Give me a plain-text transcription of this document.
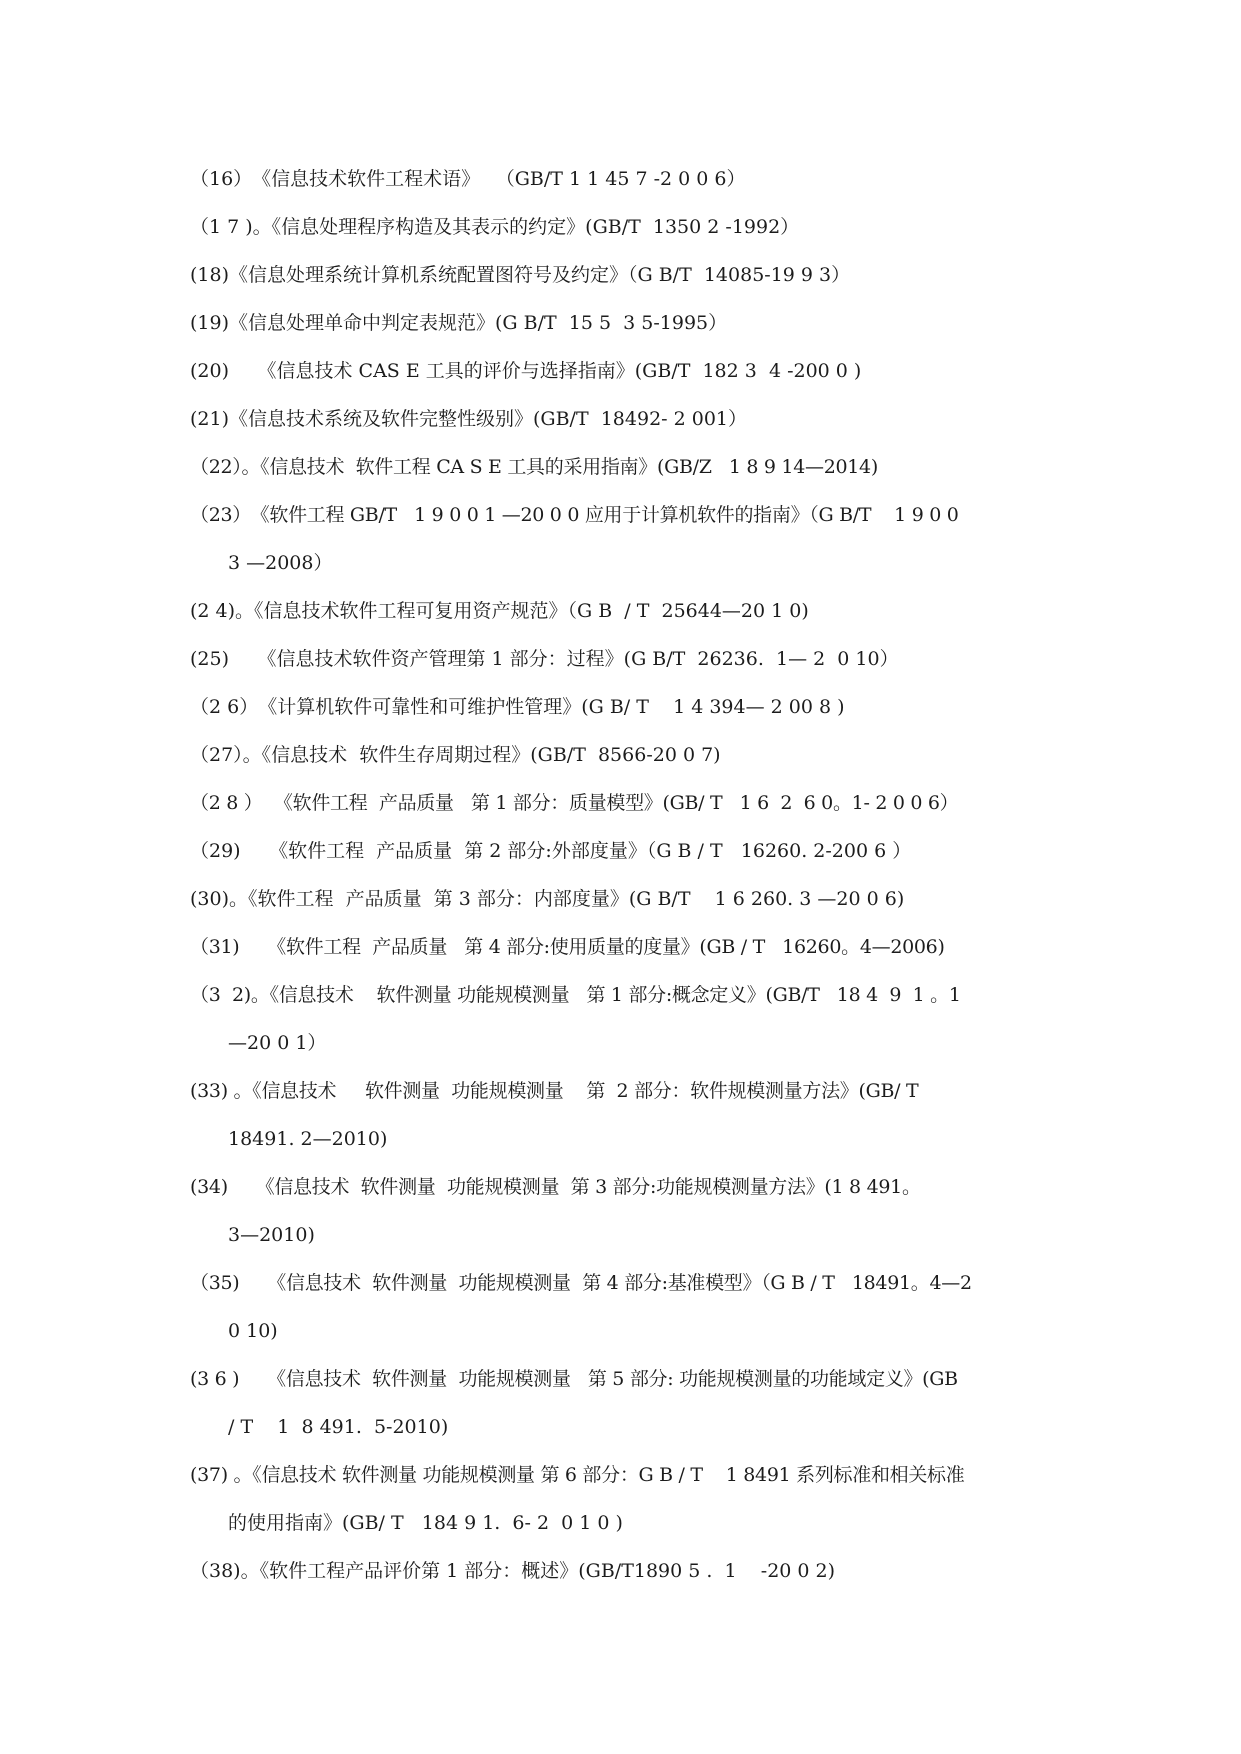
（16）　《信息技术软件工程术语》　 （GB/T 1 1 45 7 -2 0 0 6）
（1 7 )。《信息处理程序构造及其表示的约定》(GB/T  1350 2 -1992）
(18)《信息处理系统计算机系统配置图符号及约定》（G B/T  14085-19 9 3）
(19)《信息处理单命中判定表规范》(G B/T  15 5  3 5-1995）
(20)　　《信息技术 CAS E 工具的评价与选择指南》(GB/T  182 3  4 -200 0 )
(21)《信息技术系统及软件完整性级别》(GB/T  18492- 2 001）
（22）。《信息技术  软件工程 CA S E 工具的采用指南》(GB/Z   1 8 9 14—2014)
（23）　《软件工程 GB/T   1 9 0 0 1 —20 0 0 应用于计算机软件的指南》（G B/T    1 9 0 0
3 —2008）
(2 4)。《信息技术软件工程可复用资产规范》（G B  / T  25644—20 1 0)
(25)　　《信息技术软件资产管理第 1 部分：过程》(G B/T  26236.  1— 2  0 10）
（2 6）　《计算机软件可靠性和可维护性管理》(G B/ T    1 4 394— 2 00 8 )
（27）。《信息技术  软件生存周期过程》(GB/T  8566-20 0 7)
（2 8 ）  《软件工程  产品质量   第 1 部分：质量模型》(GB/ T   1 6  2  6 0。1- 2 0 0 6）
（29)　　《软件工程  产品质量  第 2 部分:外部度量》（G B / T   16260. 2-200 6 ）
(30)。《软件工程  产品质量  第 3 部分：内部度量》(G B/T    1 6 260. 3 —20 0 6)
（31)　　《软件工程  产品质量   第 4 部分:使用质量的度量》(GB / T   16260。4—2006)
（3  2)。《信息技术    软件测量 功能规模测量   第 1 部分:概念定义》(GB/T   18 4  9  1 。1
—20 0 1）
(33) 。《信息技术     软件测量  功能规模测量    第  2 部分：软件规模测量方法》(GB/ T
18491. 2—2010)
(34)　　《信息技术  软件测量  功能规模测量  第 3 部分:功能规模测量方法》(1 8 491。
3—2010)
（35)　　《信息技术  软件测量  功能规模测量  第 4 部分:基准模型》（G B / T   18491。4—2
0 10)
(3 6 )　　《信息技术  软件测量  功能规模测量   第 5 部分: 功能规模测量的功能域定义》(GB
/ T    1  8 491.  5-2010)
(37) 。《信息技术 软件测量 功能规模测量 第 6 部分：G B / T    1 8491 系列标准和相关标准
的使用指南》(GB/ T   184 9 1.  6- 2  0 1 0 )
（38)。《软件工程产品评价第 1 部分：概述》(GB/T1890 5 .  1    -20 0 2)
